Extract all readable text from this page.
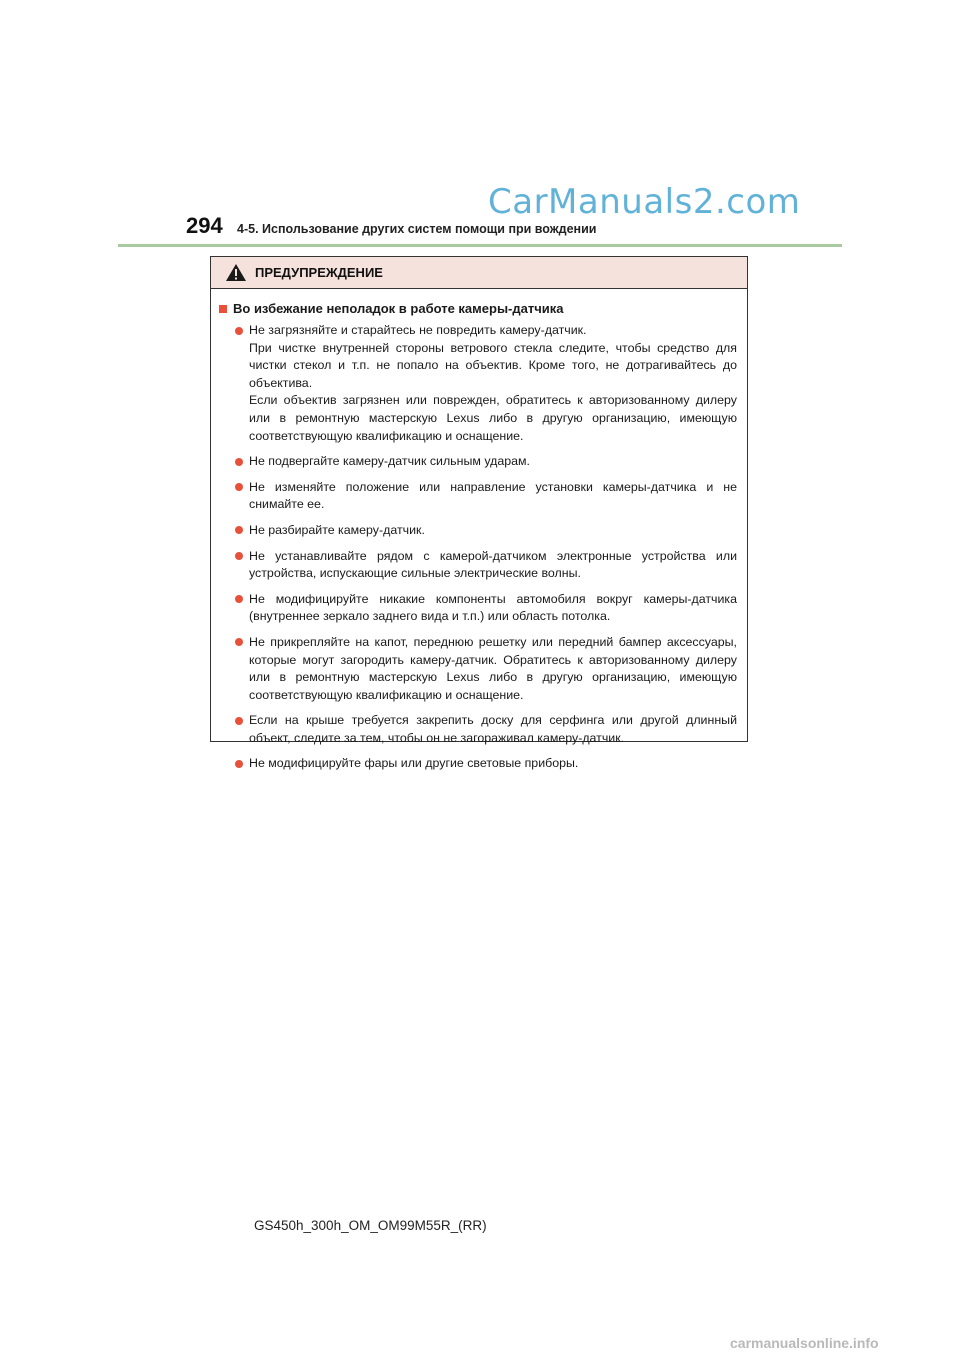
CarManuals2.com
294 4-5. Использование других систем помощи при вождении
ПРЕДУПРЕЖДЕНИЕ
Во избежание неполадок в работе камеры-датчика

Не загрязняйте и старайтесь не повредить камеру-датчик.

При чистке внутренней стороны ветрового стекла следите, чтобы средство для чистки стекол и т.п. не попало на объектив. Кроме того, не дотрагивайтесь до объектива.

Если объектив загрязнен или поврежден, обратитесь к авторизованному дилеру или в ремонтную мастерскую Lexus либо в другую организацию, имеющую соответствующую квалификацию и оснащение.

Не подвергайте камеру-датчик сильным ударам.

Не изменяйте положение или направление установки камеры-датчика и не снимайте ее.

Не разбирайте камеру-датчик.

Не устанавливайте рядом с камерой-датчиком электронные устройства или устройства, испускающие сильные электрические волны.

Не модифицируйте никакие компоненты автомобиля вокруг камеры-датчика (внутреннее зеркало заднего вида и т.п.) или область потолка.

Не прикрепляйте на капот, переднюю решетку или передний бампер аксессуары, которые могут загородить камеру-датчик. Обратитесь к авторизованному дилеру или в ремонтную мастерскую Lexus либо в другую организацию, имеющую соответствующую квалификацию и оснащение.

Если на крыше требуется закрепить доску для серфинга или другой длинный объект, следите за тем, чтобы он не загораживал камеру-датчик.

Не модифицируйте фары или другие световые приборы.

GS450h_300h_OM_OM99M55R_(RR)
carmanualsonline.info
